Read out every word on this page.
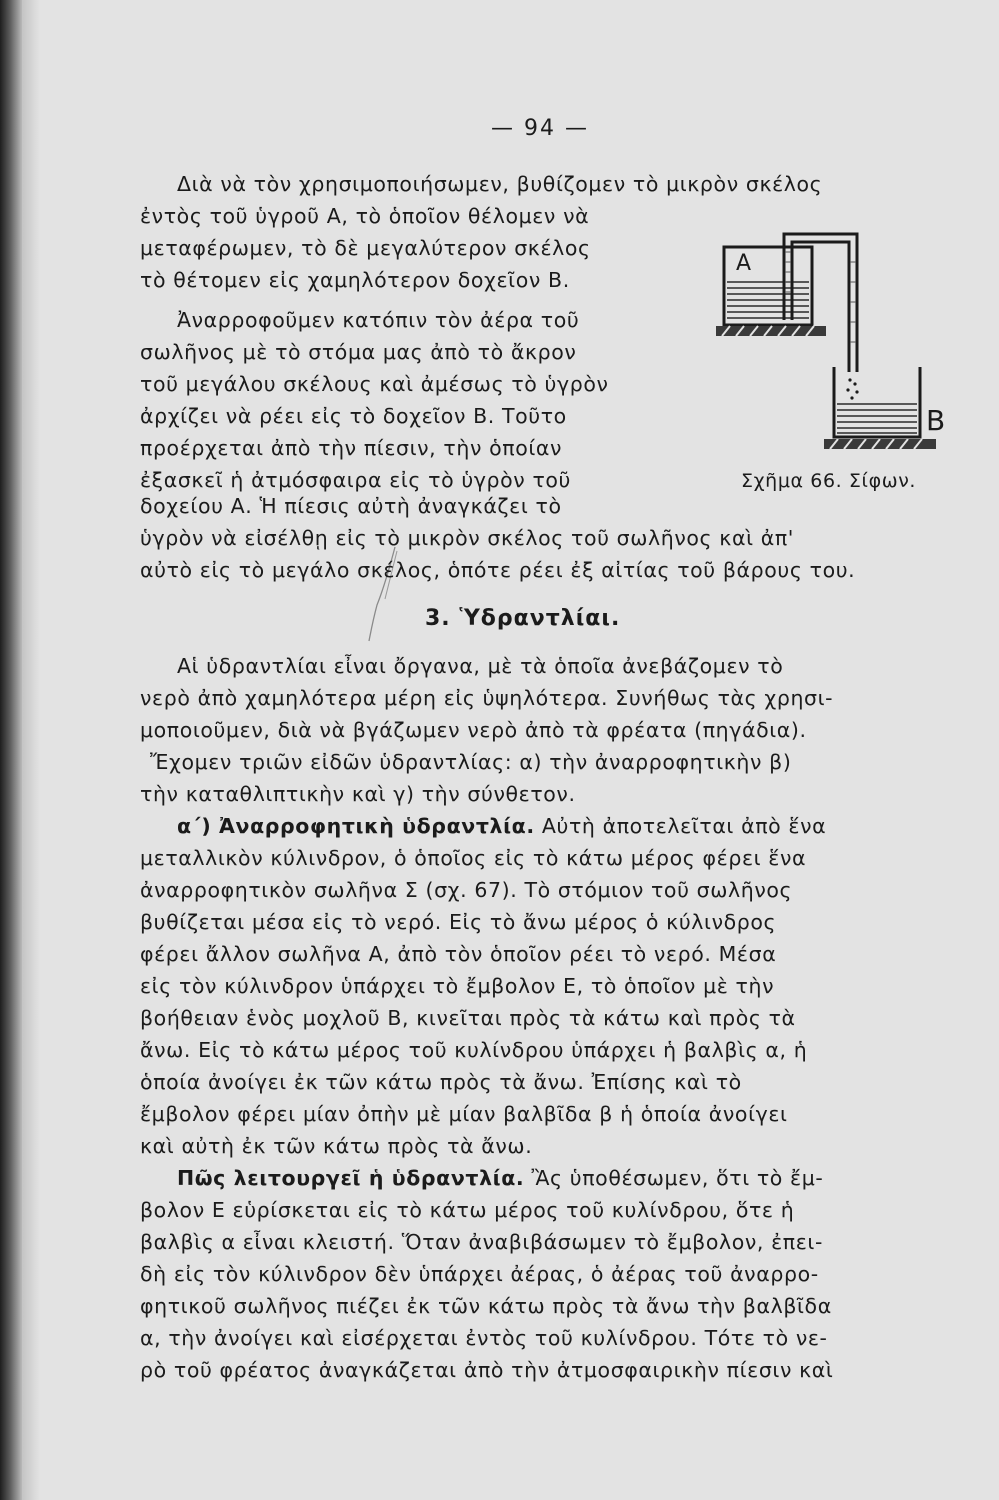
— 94 —
A
B
Σχῆμα 66. Σίφων.
Διὰ νὰ τὸν χρησιμοποιήσωμεν, βυθίζομεν τὸ μικρὸν σκέλος
ἐντὸς τοῦ ὑγροῦ Α, τὸ ὁποῖον θέλομεν νὰ
μεταφέρωμεν, τὸ δὲ μεγαλύτερον σκέλος
τὸ θέτομεν εἰς χαμηλότερον δοχεῖον Β.
Ἀναρροφοῦμεν κατόπιν τὸν ἀέρα τοῦ
σωλῆνος μὲ τὸ στόμα μας ἀπὸ τὸ ἄκρον
τοῦ μεγάλου σκέλους καὶ ἀμέσως τὸ ὑγρὸν
ἀρχίζει νὰ ρέει εἰς τὸ δοχεῖον Β. Τοῦτο
προέρχεται ἀπὸ τὴν πίεσιν, τὴν ὁποίαν
ἐξασκεῖ ἡ ἀτμόσφαιρα εἰς τὸ ὑγρὸν τοῦ
δοχείου Α. Ἡ πίεσις αὐτὴ ἀναγκάζει τὸ
ὑγρὸν νὰ εἰσέλθῃ εἰς τὸ μικρὸν σκέλος τοῦ σωλῆνος καὶ ἀπ'
αὐτὸ εἰς τὸ μεγάλο σκέλος, ὁπότε ρέει ἐξ αἰτίας τοῦ βάρους του.
3. Ὑδραντλίαι.
Αἱ ὑδραντλίαι εἶναι ὄργανα, μὲ τὰ ὁποῖα ἀνεβάζομεν τὸ
νερὸ ἀπὸ χαμηλότερα μέρη εἰς ὑψηλότερα. Συνήθως τὰς χρησι-
μοποιοῦμεν, διὰ νὰ βγάζωμεν νερὸ ἀπὸ τὰ φρέατα (πηγάδια).
Ἔχομεν τριῶν εἰδῶν ὑδραντλίας: α) τὴν ἀναρροφητικὴν β)
τὴν καταθλιπτικὴν καὶ γ) τὴν σύνθετον.
α΄) Ἀναρροφητικὴ ὑδραντλία. Αὐτὴ ἀποτελεῖται ἀπὸ ἕνα
μεταλλικὸν κύλινδρον, ὁ ὁποῖος εἰς τὸ κάτω μέρος φέρει ἕνα
ἀναρροφητικὸν σωλῆνα Σ (σχ. 67). Τὸ στόμιον τοῦ σωλῆνος
βυθίζεται μέσα εἰς τὸ νερό. Εἰς τὸ ἄνω μέρος ὁ κύλινδρος
φέρει ἄλλον σωλῆνα Α, ἀπὸ τὸν ὁποῖον ρέει τὸ νερό. Μέσα
εἰς τὸν κύλινδρον ὑπάρχει τὸ ἔμβολον Ε, τὸ ὁποῖον μὲ τὴν
βοήθειαν ἑνὸς μοχλοῦ Β, κινεῖται πρὸς τὰ κάτω καὶ πρὸς τὰ
ἄνω. Εἰς τὸ κάτω μέρος τοῦ κυλίνδρου ὑπάρχει ἡ βαλβὶς α, ἡ
ὁποία ἀνοίγει ἐκ τῶν κάτω πρὸς τὰ ἄνω. Ἐπίσης καὶ τὸ
ἔμβολον φέρει μίαν ὀπὴν μὲ μίαν βαλβῖδα β ἡ ὁποία ἀνοίγει
καὶ αὐτὴ ἐκ τῶν κάτω πρὸς τὰ ἄνω.
Πῶς λειτουργεῖ ἡ ὑδραντλία. Ἂς ὑποθέσωμεν, ὅτι τὸ ἔμ-
βολον Ε εὑρίσκεται εἰς τὸ κάτω μέρος τοῦ κυλίνδρου, ὅτε ἡ
βαλβὶς α εἶναι κλειστή. Ὅταν ἀναβιβάσωμεν τὸ ἔμβολον, ἐπει-
δὴ εἰς τὸν κύλινδρον δὲν ὑπάρχει ἀέρας, ὁ ἀέρας τοῦ ἀναρρο-
φητικοῦ σωλῆνος πιέζει ἐκ τῶν κάτω πρὸς τὰ ἄνω τὴν βαλβῖδα
α, τὴν ἀνοίγει καὶ εἰσέρχεται ἐντὸς τοῦ κυλίνδρου. Τότε τὸ νε-
ρὸ τοῦ φρέατος ἀναγκάζεται ἀπὸ τὴν ἀτμοσφαιρικὴν πίεσιν καὶ
